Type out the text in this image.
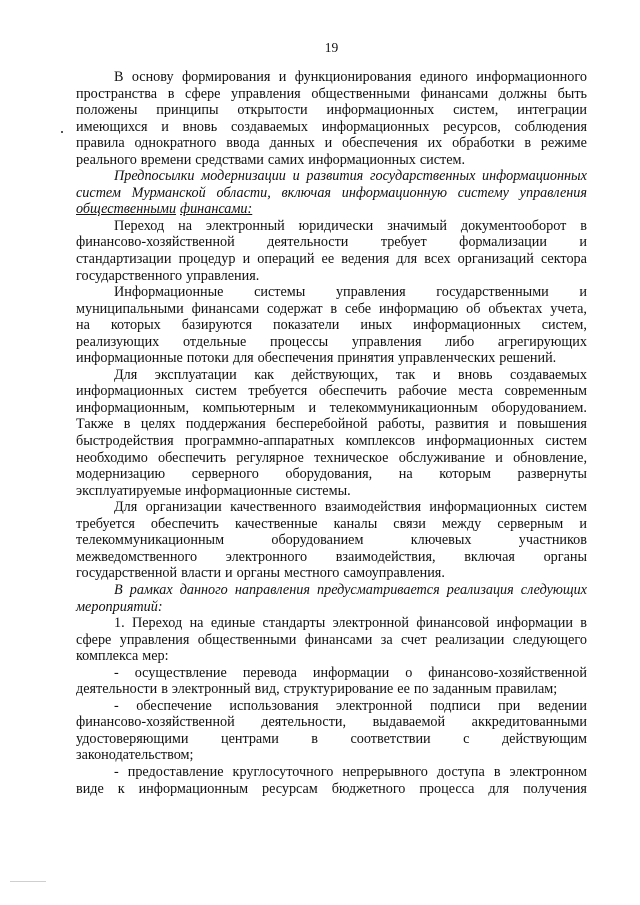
19
В основу формирования и функционирования единого информационного
пространства в сфере управления общественными финансами должны быть
положены принципы открытости информационных систем, интеграции
имеющихся и вновь создаваемых информационных ресурсов, соблюдения
правила однократного ввода данных и обеспечения их обработки в режиме
реального времени средствами самих информационных систем.
Предпосылки модернизации и развития государственных информационных
систем Мурманской области, включая информационную систему управления
общественными финансами:
Переход на электронный юридически значимый документооборот в
финансово-хозяйственной деятельности требует формализации и
стандартизации процедур и операций ее ведения для всех организаций сектора
государственного управления.
Информационные системы управления государственными и
муниципальными финансами содержат в себе информацию об объектах учета,
на которых базируются показатели иных информационных систем,
реализующих отдельные процессы управления либо агрегирующих
информационные потоки для обеспечения принятия управленческих решений.
Для эксплуатации как действующих, так и вновь создаваемых
информационных систем требуется обеспечить рабочие места современным
информационным, компьютерным и телекоммуникационным оборудованием.
Также в целях поддержания бесперебойной работы, развития и повышения
быстродействия программно-аппаратных комплексов информационных систем
необходимо обеспечить регулярное техническое обслуживание и обновление,
модернизацию серверного оборудования, на которым развернуты
эксплуатируемые информационные системы.
Для организации качественного взаимодействия информационных систем
требуется обеспечить качественные каналы связи между серверным и
телекоммуникационным	оборудованием	ключевых	участников
межведомственного электронного взаимодействия, включая органы
государственной власти и органы местного самоуправления.
В рамках данного направления предусматривается реализация следующих
мероприятий:
1. Переход на единые стандарты электронной финансовой информации в
сфере управления общественными финансами за счет реализации следующего
комплекса мер:
- осуществление перевода информации о финансово-хозяйственной
деятельности в электронный вид, структурирование ее по заданным правилам;
- обеспечение использования электронной подписи при ведении
финансово-хозяйственной деятельности, выдаваемой аккредитованными
удостоверяющими центрами в соответствии с действующим
законодательством;
- предоставление круглосуточного непрерывного доступа в электронном
виде к информационным ресурсам бюджетного процесса для получения
